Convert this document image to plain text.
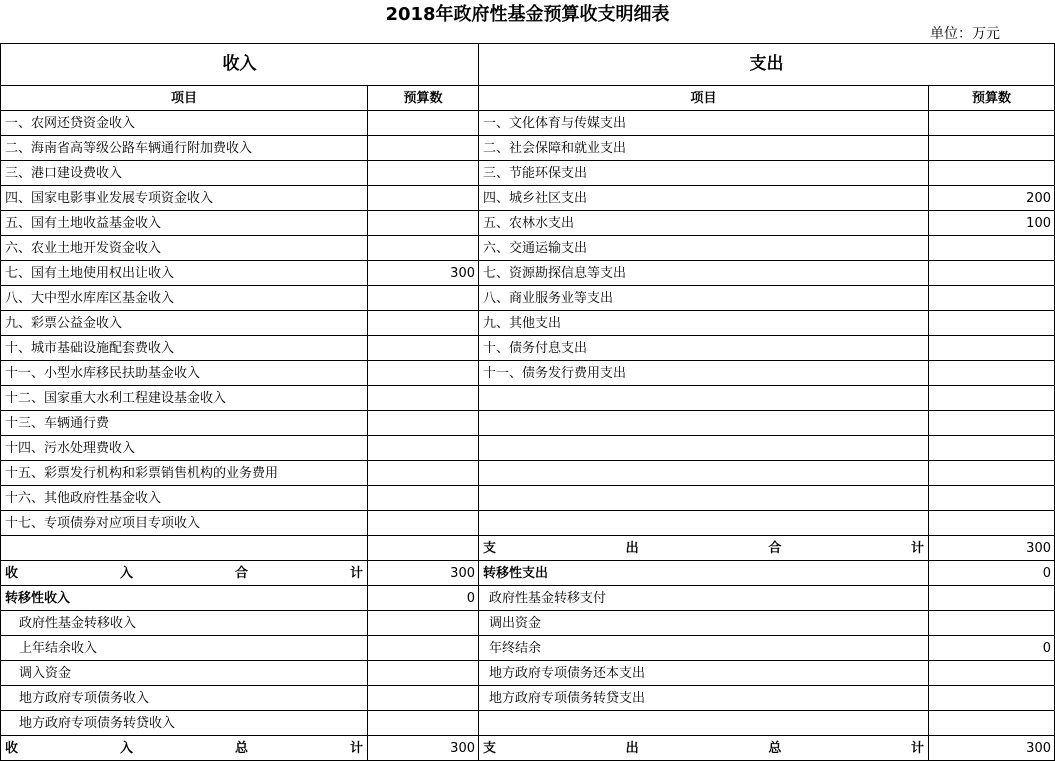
2018年政府性基金预算收支明细表
单位：万元
收入		支出	
项目	预算数	项目	预算数
一、农网还贷资金收入		一、文化体育与传媒支出	
二、海南省高等级公路车辆通行附加费收入		二、社会保障和就业支出	
三、港口建设费收入		三、节能环保支出	
四、国家电影事业发展专项资金收入		四、城乡社区支出	200
五、国有土地收益基金收入		五、农林水支出	100
六、农业土地开发资金收入		六、交通运输支出	
七、国有土地使用权出让收入	300	七、资源勘探信息等支出	
八、大中型水库库区基金收入		八、商业服务业等支出	
九、彩票公益金收入		九、其他支出	
十、城市基础设施配套费收入		十、债务付息支出	
十一、小型水库移民扶助基金收入		十一、债务发行费用支出	
十二、国家重大水利工程建设基金收入			
十三、车辆通行费			
十四、污水处理费收入			
十五、彩票发行机构和彩票销售机构的业务费用			
十六、其他政府性基金收入			
十七、专项债券对应项目专项收入			

		支 出 合 计	300

收 入 合 计	300	转移性支出	0
转移性收入	0	政府性基金转移支付	
政府性基金转移收入		调出资金	
上年结余收入		年终结余	0
调入资金		地方政府专项债务还本支出	
地方政府专项债务收入		地方政府专项债务转贷支出	
地方政府专项债务转贷收入			

收 入 总 计	300	支 出 总 计	300
